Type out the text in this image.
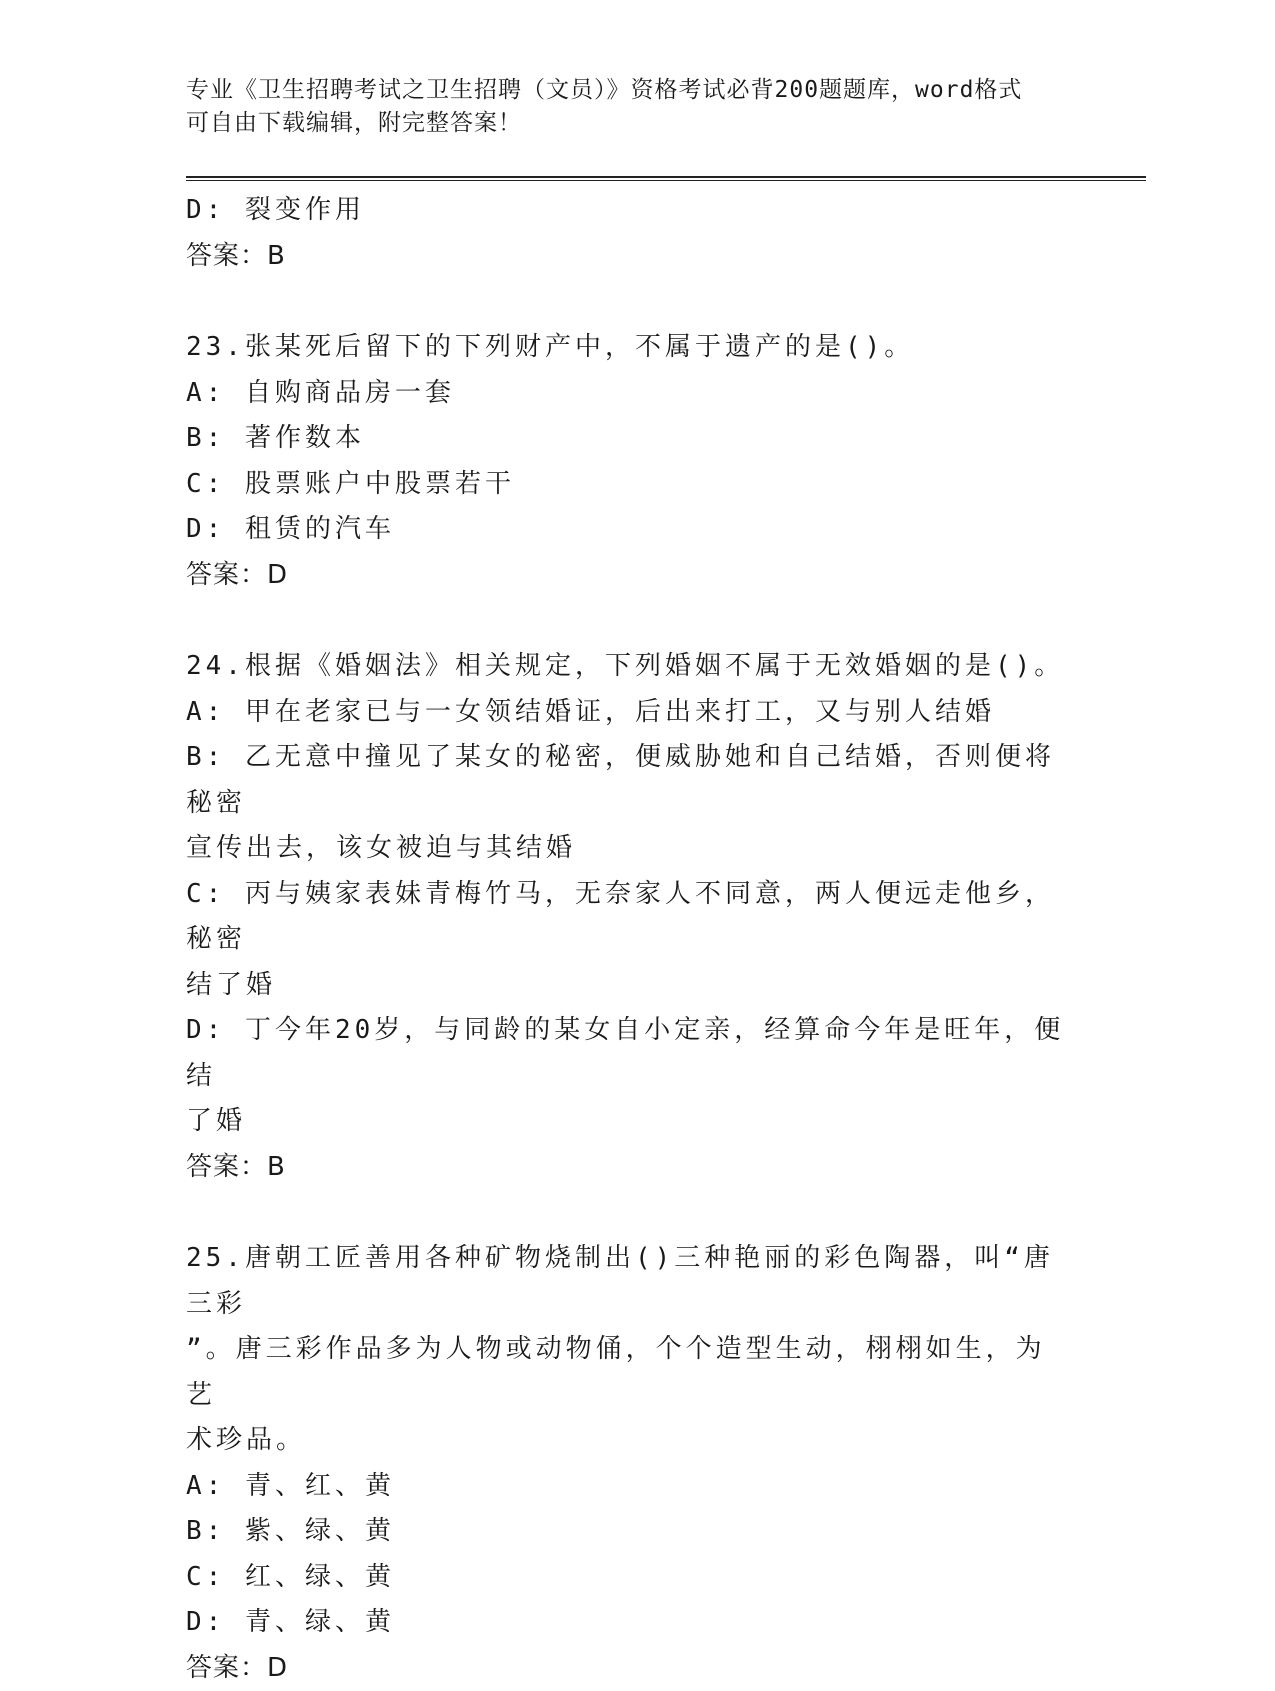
专业《卫生招聘考试之卫生招聘（文员）》资格考试必背200题题库，word格式
可自由下载编辑，附完整答案！
D: 裂变作用
答案：B
23.张某死后留下的下列财产中，不属于遗产的是()。
A: 自购商品房一套
B: 著作数本
C: 股票账户中股票若干
D: 租赁的汽车
答案：D
24.根据《婚姻法》相关规定，下列婚姻不属于无效婚姻的是()。
A: 甲在老家已与一女领结婚证，后出来打工，又与别人结婚
B: 乙无意中撞见了某女的秘密，便威胁她和自己结婚，否则便将秘密
宣传出去，该女被迫与其结婚
C: 丙与姨家表妹青梅竹马，无奈家人不同意，两人便远走他乡，秘密
结了婚
D: 丁今年20岁，与同龄的某女自小定亲，经算命今年是旺年，便结
了婚
答案：B
25.唐朝工匠善用各种矿物烧制出()三种艳丽的彩色陶器，叫“唐三彩
”。唐三彩作品多为人物或动物俑，个个造型生动，栩栩如生，为艺
术珍品。
A: 青、红、黄
B: 紫、绿、黄
C: 红、绿、黄
D: 青、绿、黄
答案：D
